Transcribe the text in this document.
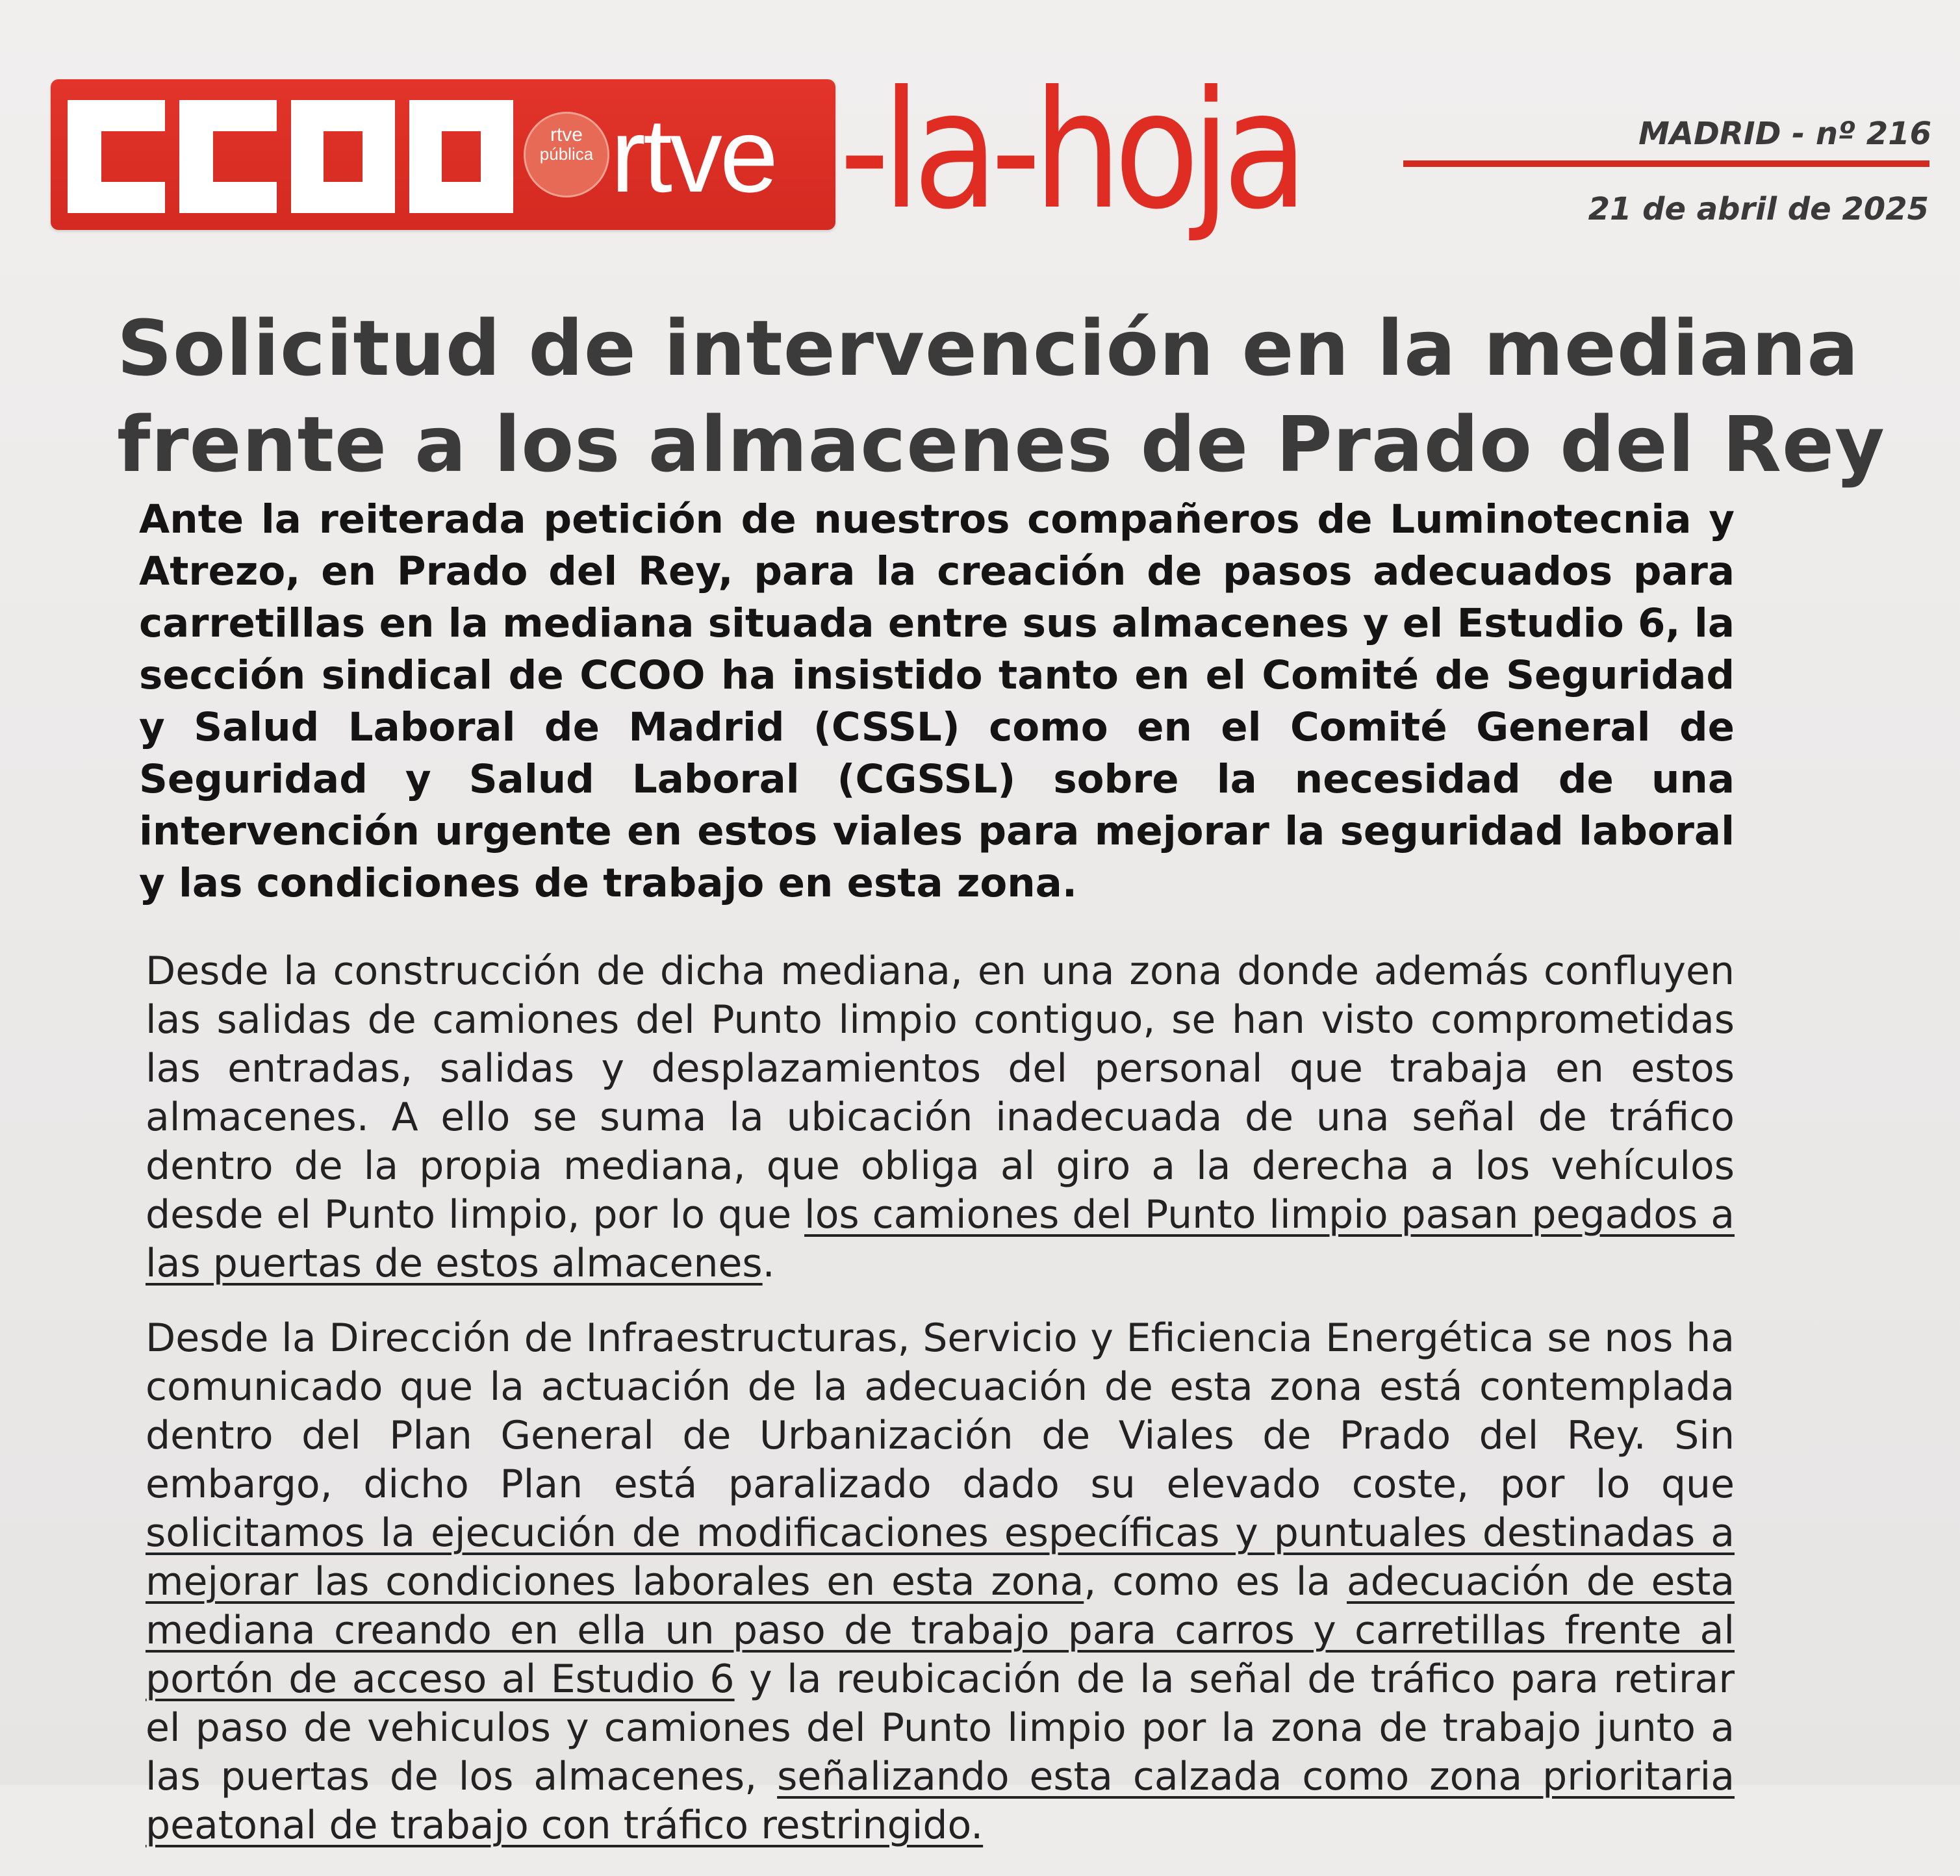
rtve
pública rtve -la-hoja	MADRID - nº 216
21 de abril de 2025
Solicitud de intervención en la mediana
frente a los almacenes de Prado del Rey

Ante la reiterada petición de nuestros compañeros de Luminotecnia y Atrezo, en Prado del Rey, para la creación de pasos adecuados para carretillas en la mediana situada entre sus almacenes y el Estudio 6, la sección sindical de CCOO ha insistido tanto en el Comité de Seguridad y Salud Laboral de Madrid (CSSL) como en el Comité General de Seguridad y Salud Laboral (CGSSL) sobre la necesidad de una intervención urgente en estos viales para mejorar la seguridad laboral y las condiciones de trabajo en esta zona.

Desde la construcción de dicha mediana, en una zona donde además confluyen las salidas de camiones del Punto limpio contiguo, se han visto comprometidas las entradas, salidas y desplazamientos del personal que trabaja en estos almacenes. A ello se suma la ubicación inadecuada de una señal de tráfico dentro de la propia mediana, que obliga al giro a la derecha a los vehículos desde el Punto limpio, por lo que los camiones del Punto limpio pasan pegados a las puertas de estos almacenes.

Desde la Dirección de Infraestructuras, Servicio y Eficiencia Energética se nos ha comunicado que la actuación de la adecuación de esta zona está contemplada dentro del Plan General de Urbanización de Viales de Prado del Rey. Sin embargo, dicho Plan está paralizado dado su elevado coste, por lo que solicitamos la ejecución de modificaciones específicas y puntuales destinadas a mejorar las condiciones laborales en esta zona, como es la adecuación de esta mediana creando en ella un paso de trabajo para carros y carretillas frente al portón de acceso al Estudio 6 y la reubicación de la señal de tráfico para retirar el paso de vehiculos y camiones del Punto limpio por la zona de trabajo junto a las puertas de los almacenes, señalizando esta calzada como zona prioritaria peatonal de trabajo con tráfico restringido.
